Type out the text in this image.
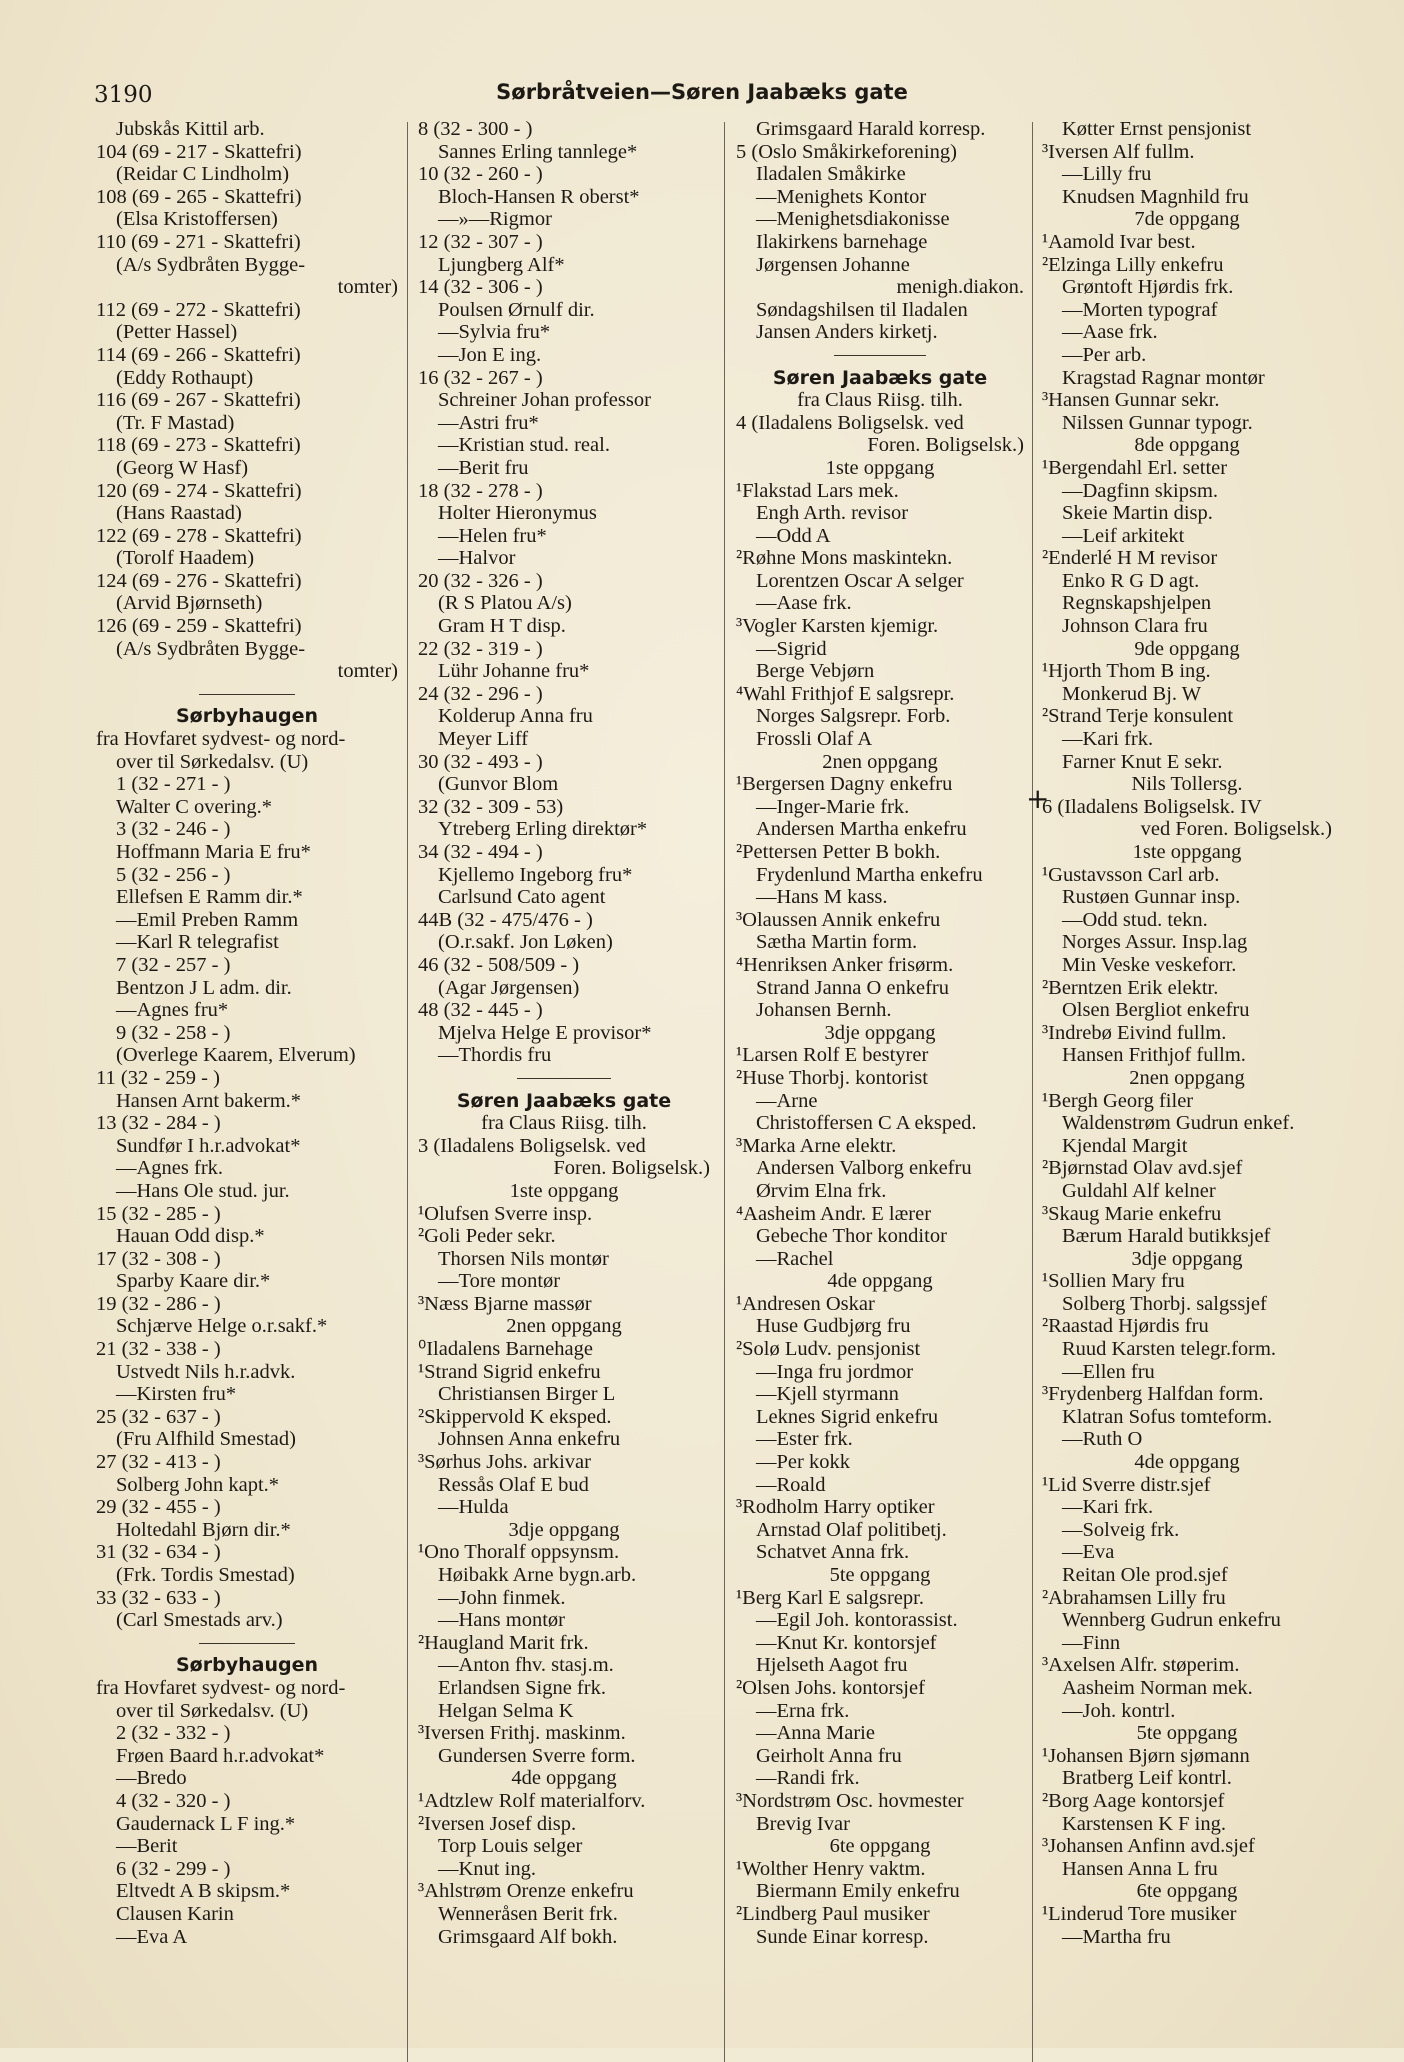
3190	Sørbråtveien—Søren Jaabæks gate
Jubskås Kittil arb.
104 (69 - 217 - Skattefri)
(Reidar C Lindholm)
108 (69 - 265 - Skattefri)
(Elsa Kristoffersen)
110 (69 - 271 - Skattefri)
(A/s Sydbråten Bygge-
tomter)
112 (69 - 272 - Skattefri)
(Petter Hassel)
114 (69 - 266 - Skattefri)
(Eddy Rothaupt)
116 (69 - 267 - Skattefri)
(Tr. F Mastad)
118 (69 - 273 - Skattefri)
(Georg W Hasf)
120 (69 - 274 - Skattefri)
(Hans Raastad)
122 (69 - 278 - Skattefri)
(Torolf Haadem)
124 (69 - 276 - Skattefri)
(Arvid Bjørnseth)
126 (69 - 259 - Skattefri)
(A/s Sydbråten Bygge-
tomter)
Sørbyhaugen
fra Hovfaret sydvest- og nord-
over til Sørkedalsv. (U)
1 (32 - 271 - )
Walter C overing.*
3 (32 - 246 - )
Hoffmann Maria E fru*
5 (32 - 256 - )
Ellefsen E Ramm dir.*
—Emil Preben Ramm
—Karl R telegrafist
7 (32 - 257 - )
Bentzon J L adm. dir.
—Agnes fru*
9 (32 - 258 - )
(Overlege Kaarem, Elverum)
11 (32 - 259 - )
Hansen Arnt bakerm.*
13 (32 - 284 - )
Sundfør I h.r.advokat*
—Agnes frk.
—Hans Ole stud. jur.
15 (32 - 285 - )
Hauan Odd disp.*
17 (32 - 308 - )
Sparby Kaare dir.*
19 (32 - 286 - )
Schjærve Helge o.r.sakf.*
21 (32 - 338 - )
Ustvedt Nils h.r.advk.
—Kirsten fru*
25 (32 - 637 - )
(Fru Alfhild Smestad)
27 (32 - 413 - )
Solberg John kapt.*
29 (32 - 455 - )
Holtedahl Bjørn dir.*
31 (32 - 634 - )
(Frk. Tordis Smestad)
33 (32 - 633 - )
(Carl Smestads arv.)
Sørbyhaugen
fra Hovfaret sydvest- og nord-
over til Sørkedalsv. (U)
2 (32 - 332 - )
Frøen Baard h.r.advokat*
—Bredo
4 (32 - 320 - )
Gaudernack L F ing.*
—Berit
6 (32 - 299 - )
Eltvedt A B skipsm.*
Clausen Karin
—Eva A
8 (32 - 300 - )
Sannes Erling tannlege*
10 (32 - 260 - )
Bloch-Hansen R oberst*
—»—Rigmor
12 (32 - 307 - )
Ljungberg Alf*
14 (32 - 306 - )
Poulsen Ørnulf dir.
—Sylvia fru*
—Jon E ing.
16 (32 - 267 - )
Schreiner Johan professor
—Astri fru*
—Kristian stud. real.
—Berit fru
18 (32 - 278 - )
Holter Hieronymus
—Helen fru*
—Halvor
20 (32 - 326 - )
(R S Platou A/s)
Gram H T disp.
22 (32 - 319 - )
Lühr Johanne fru*
24 (32 - 296 - )
Kolderup Anna fru
Meyer Liff
30 (32 - 493 - )
(Gunvor Blom
32 (32 - 309 - 53)
Ytreberg Erling direktør*
34 (32 - 494 - )
Kjellemo Ingeborg fru*
Carlsund Cato agent
44B (32 - 475/476 - )
(O.r.sakf. Jon Løken)
46 (32 - 508/509 - )
(Agar Jørgensen)
48 (32 - 445 - )
Mjelva Helge E provisor*
—Thordis fru
Søren Jaabæks gate
fra Claus Riisg. tilh.
3 (Iladalens Boligselsk. ved
Foren. Boligselsk.)
1ste oppgang
¹Olufsen Sverre insp.
²Goli Peder sekr.
Thorsen Nils montør
—Tore montør
³Næss Bjarne massør
2nen oppgang
⁰Iladalens Barnehage
¹Strand Sigrid enkefru
Christiansen Birger L
²Skippervold K eksped.
Johnsen Anna enkefru
³Sørhus Johs. arkivar
Ressås Olaf E bud
—Hulda
3dje oppgang
¹Ono Thoralf oppsynsm.
Høibakk Arne bygn.arb.
—John finmek.
—Hans montør
²Haugland Marit frk.
—Anton fhv. stasj.m.
Erlandsen Signe frk.
Helgan Selma K
³Iversen Frithj. maskinm.
Gundersen Sverre form.
4de oppgang
¹Adtzlew Rolf materialforv.
²Iversen Josef disp.
Torp Louis selger
—Knut ing.
³Ahlstrøm Orenze enkefru
Wenneråsen Berit frk.
Grimsgaard Alf bokh.
Grimsgaard Harald korresp.
5 (Oslo Småkirkeforening)
Iladalen Småkirke
—Menighets Kontor
—Menighetsdiakonisse
Ilakirkens barnehage
Jørgensen Johanne
menigh.diakon.
Søndagshilsen til Iladalen
Jansen Anders kirketj.
Søren Jaabæks gate
fra Claus Riisg. tilh.
4 (Iladalens Boligselsk. ved
Foren. Boligselsk.)
1ste oppgang
¹Flakstad Lars mek.
Engh Arth. revisor
—Odd A
²Røhne Mons maskintekn.
Lorentzen Oscar A selger
—Aase frk.
³Vogler Karsten kjemigr.
—Sigrid
Berge Vebjørn
⁴Wahl Frithjof E salgsrepr.
Norges Salgsrepr. Forb.
Frossli Olaf A
2nen oppgang
¹Bergersen Dagny enkefru
—Inger-Marie frk.
Andersen Martha enkefru
²Pettersen Petter B bokh.
Frydenlund Martha enkefru
—Hans M kass.
³Olaussen Annik enkefru
Sætha Martin form.
⁴Henriksen Anker frisørm.
Strand Janna O enkefru
Johansen Bernh.
3dje oppgang
¹Larsen Rolf E bestyrer
²Huse Thorbj. kontorist
—Arne
Christoffersen C A eksped.
³Marka Arne elektr.
Andersen Valborg enkefru
Ørvim Elna frk.
⁴Aasheim Andr. E lærer
Gebeche Thor konditor
—Rachel
4de oppgang
¹Andresen Oskar
Huse Gudbjørg fru
²Solø Ludv. pensjonist
—Inga fru jordmor
—Kjell styrmann
Leknes Sigrid enkefru
—Ester frk.
—Per kokk
—Roald
³Rodholm Harry optiker
Arnstad Olaf politibetj.
Schatvet Anna frk.
5te oppgang
¹Berg Karl E salgsrepr.
—Egil Joh. kontorassist.
—Knut Kr. kontorsjef
Hjelseth Aagot fru
²Olsen Johs. kontorsjef
—Erna frk.
—Anna Marie
Geirholt Anna fru
—Randi frk.
³Nordstrøm Osc. hovmester
Brevig Ivar
6te oppgang
¹Wolther Henry vaktm.
Biermann Emily enkefru
²Lindberg Paul musiker
Sunde Einar korresp.
Køtter Ernst pensjonist
³Iversen Alf fullm.
—Lilly fru
Knudsen Magnhild fru
7de oppgang
¹Aamold Ivar best.
²Elzinga Lilly enkefru
Grøntoft Hjørdis frk.
—Morten typograf
—Aase frk.
—Per arb.
Kragstad Ragnar montør
³Hansen Gunnar sekr.
Nilssen Gunnar typogr.
8de oppgang
¹Bergendahl Erl. setter
—Dagfinn skipsm.
Skeie Martin disp.
—Leif arkitekt
²Enderlé H M revisor
Enko R G D agt.
Regnskapshjelpen
Johnson Clara fru
9de oppgang
¹Hjorth Thom B ing.
Monkerud Bj. W
²Strand Terje konsulent
—Kari frk.
Farner Knut E sekr.
Nils Tollersg.
6 (Iladalens Boligselsk. IV
ved Foren. Boligselsk.)
1ste oppgang
¹Gustavsson Carl arb.
Rustøen Gunnar insp.
—Odd stud. tekn.
Norges Assur. Insp.lag
Min Veske veskeforr.
²Berntzen Erik elektr.
Olsen Bergliot enkefru
³Indrebø Eivind fullm.
Hansen Frithjof fullm.
2nen oppgang
¹Bergh Georg filer
Waldenstrøm Gudrun enkef.
Kjendal Margit
²Bjørnstad Olav avd.sjef
Guldahl Alf kelner
³Skaug Marie enkefru
Bærum Harald butikksjef
3dje oppgang
¹Sollien Mary fru
Solberg Thorbj. salgssjef
²Raastad Hjørdis fru
Ruud Karsten telegr.form.
—Ellen fru
³Frydenberg Halfdan form.
Klatran Sofus tomteform.
—Ruth O
4de oppgang
¹Lid Sverre distr.sjef
—Kari frk.
—Solveig frk.
—Eva
Reitan Ole prod.sjef
²Abrahamsen Lilly fru
Wennberg Gudrun enkefru
—Finn
³Axelsen Alfr. støperim.
Aasheim Norman mek.
—Joh. kontrl.
5te oppgang
¹Johansen Bjørn sjømann
Bratberg Leif kontrl.
²Borg Aage kontorsjef
Karstensen K F ing.
³Johansen Anfinn avd.sjef
Hansen Anna L fru
6te oppgang
¹Linderud Tore musiker
—Martha fru
+
